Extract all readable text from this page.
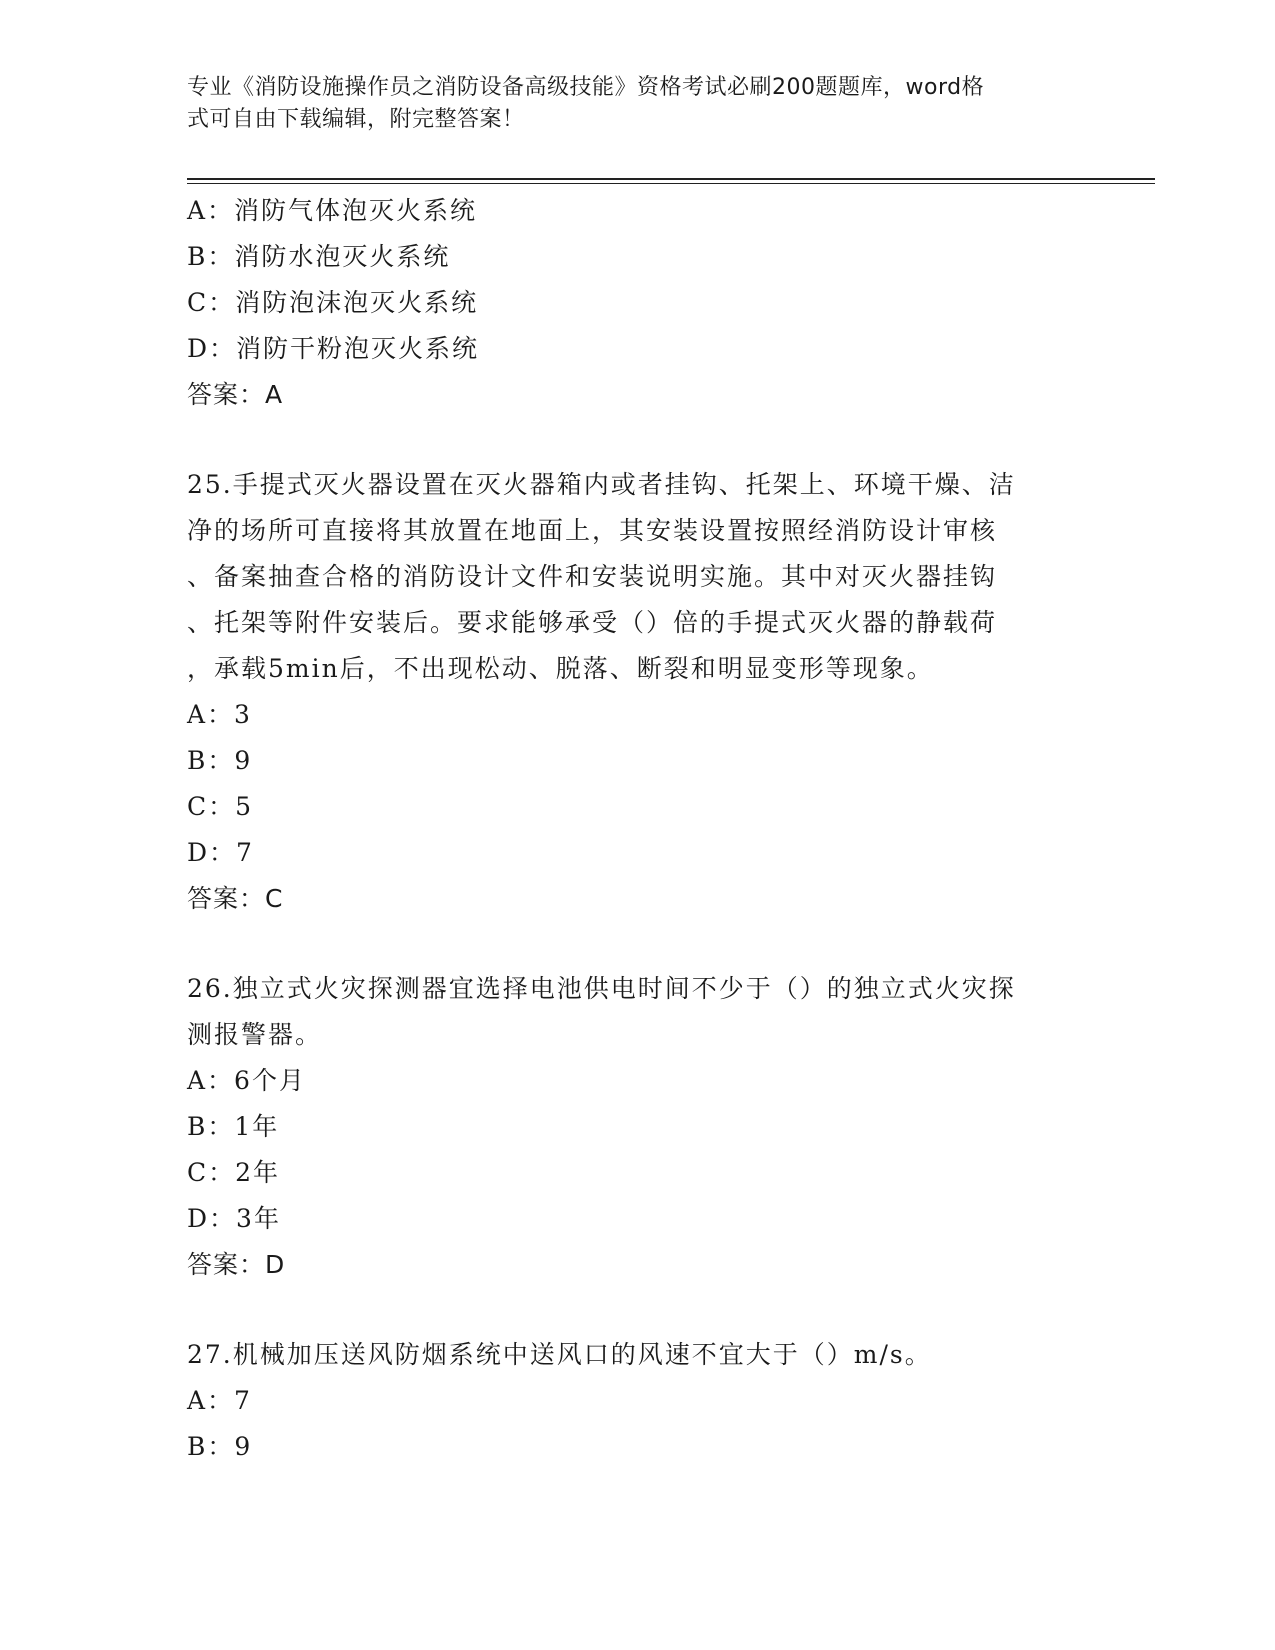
专业《消防设施操作员之消防设备高级技能》资格考试必刷200题题库，word格
式可自由下载编辑，附完整答案！
A：消防气体泡灭火系统
B：消防水泡灭火系统
C：消防泡沫泡灭火系统
D：消防干粉泡灭火系统
答案：A
25.手提式灭火器设置在灭火器箱内或者挂钩、托架上、环境干燥、洁
净的场所可直接将其放置在地面上，其安装设置按照经消防设计审核
、备案抽查合格的消防设计文件和安装说明实施。其中对灭火器挂钩
、托架等附件安装后。要求能够承受（）倍的手提式灭火器的静载荷
，承载5min后，不出现松动、脱落、断裂和明显变形等现象。
A：3
B：9
C：5
D：7
答案：C
26.独立式火灾探测器宜选择电池供电时间不少于（）的独立式火灾探
测报警器。
A：6个月
B：1年
C：2年
D：3年
答案：D
27.机械加压送风防烟系统中送风口的风速不宜大于（）m/s。
A：7
B：9
